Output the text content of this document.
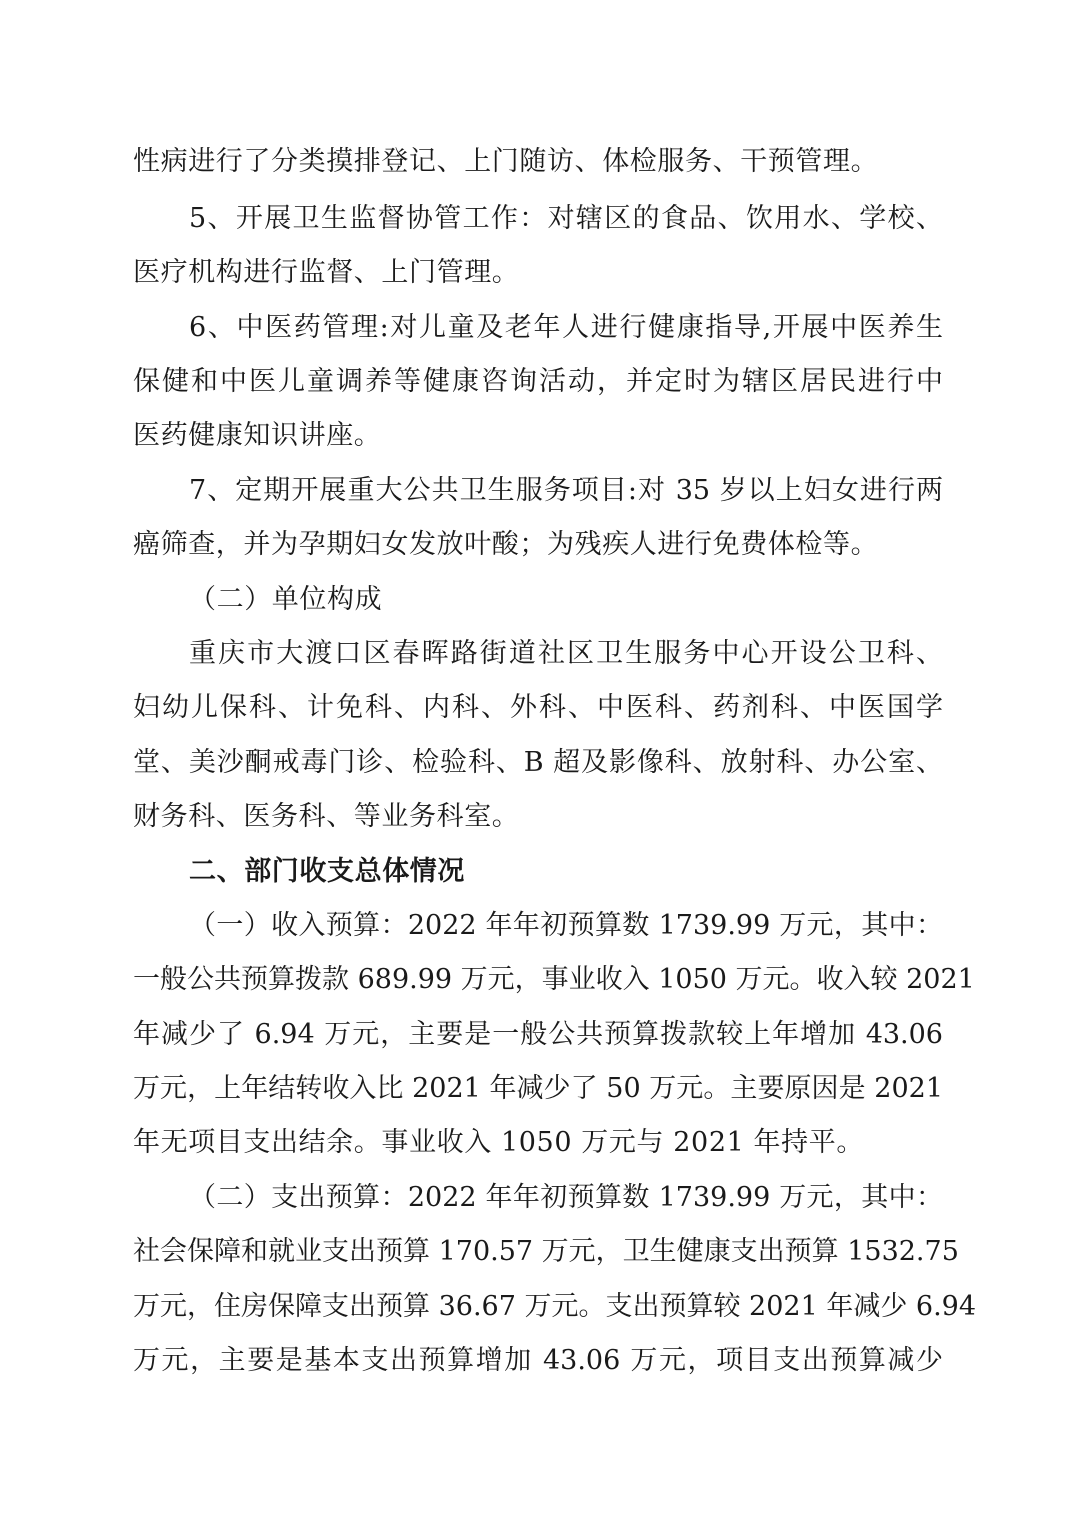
性病进行了分类摸排登记、上门随访、体检服务、干预管理。
5、开展卫生监督协管工作：对辖区的食品、饮用水、学校、
医疗机构进行监督、上门管理。
6、中医药管理:对儿童及老年人进行健康指导,开展中医养生
保健和中医儿童调养等健康咨询活动，并定时为辖区居民进行中
医药健康知识讲座。
7、定期开展重大公共卫生服务项目:对 35 岁以上妇女进行两
癌筛查，并为孕期妇女发放叶酸；为残疾人进行免费体检等。
（二）单位构成
重庆市大渡口区春晖路街道社区卫生服务中心开设公卫科、
妇幼儿保科、计免科、内科、外科、中医科、药剂科、中医国学
堂、美沙酮戒毒门诊、检验科、B 超及影像科、放射科、办公室、
财务科、医务科、等业务科室。
二、部门收支总体情况
（一）收入预算：2022 年年初预算数 1739.99 万元，其中：
一般公共预算拨款 689.99 万元，事业收入 1050 万元。收入较 2021
年减少了 6.94 万元，主要是一般公共预算拨款较上年增加 43.06
万元，上年结转收入比 2021 年减少了 50 万元。主要原因是 2021
年无项目支出结余。事业收入 1050 万元与 2021 年持平。
（二）支出预算：2022 年年初预算数 1739.99 万元，其中：
社会保障和就业支出预算 170.57 万元，卫生健康支出预算 1532.75
万元，住房保障支出预算 36.67 万元。支出预算较 2021 年减少 6.94
万元，主要是基本支出预算增加 43.06 万元，项目支出预算减少
